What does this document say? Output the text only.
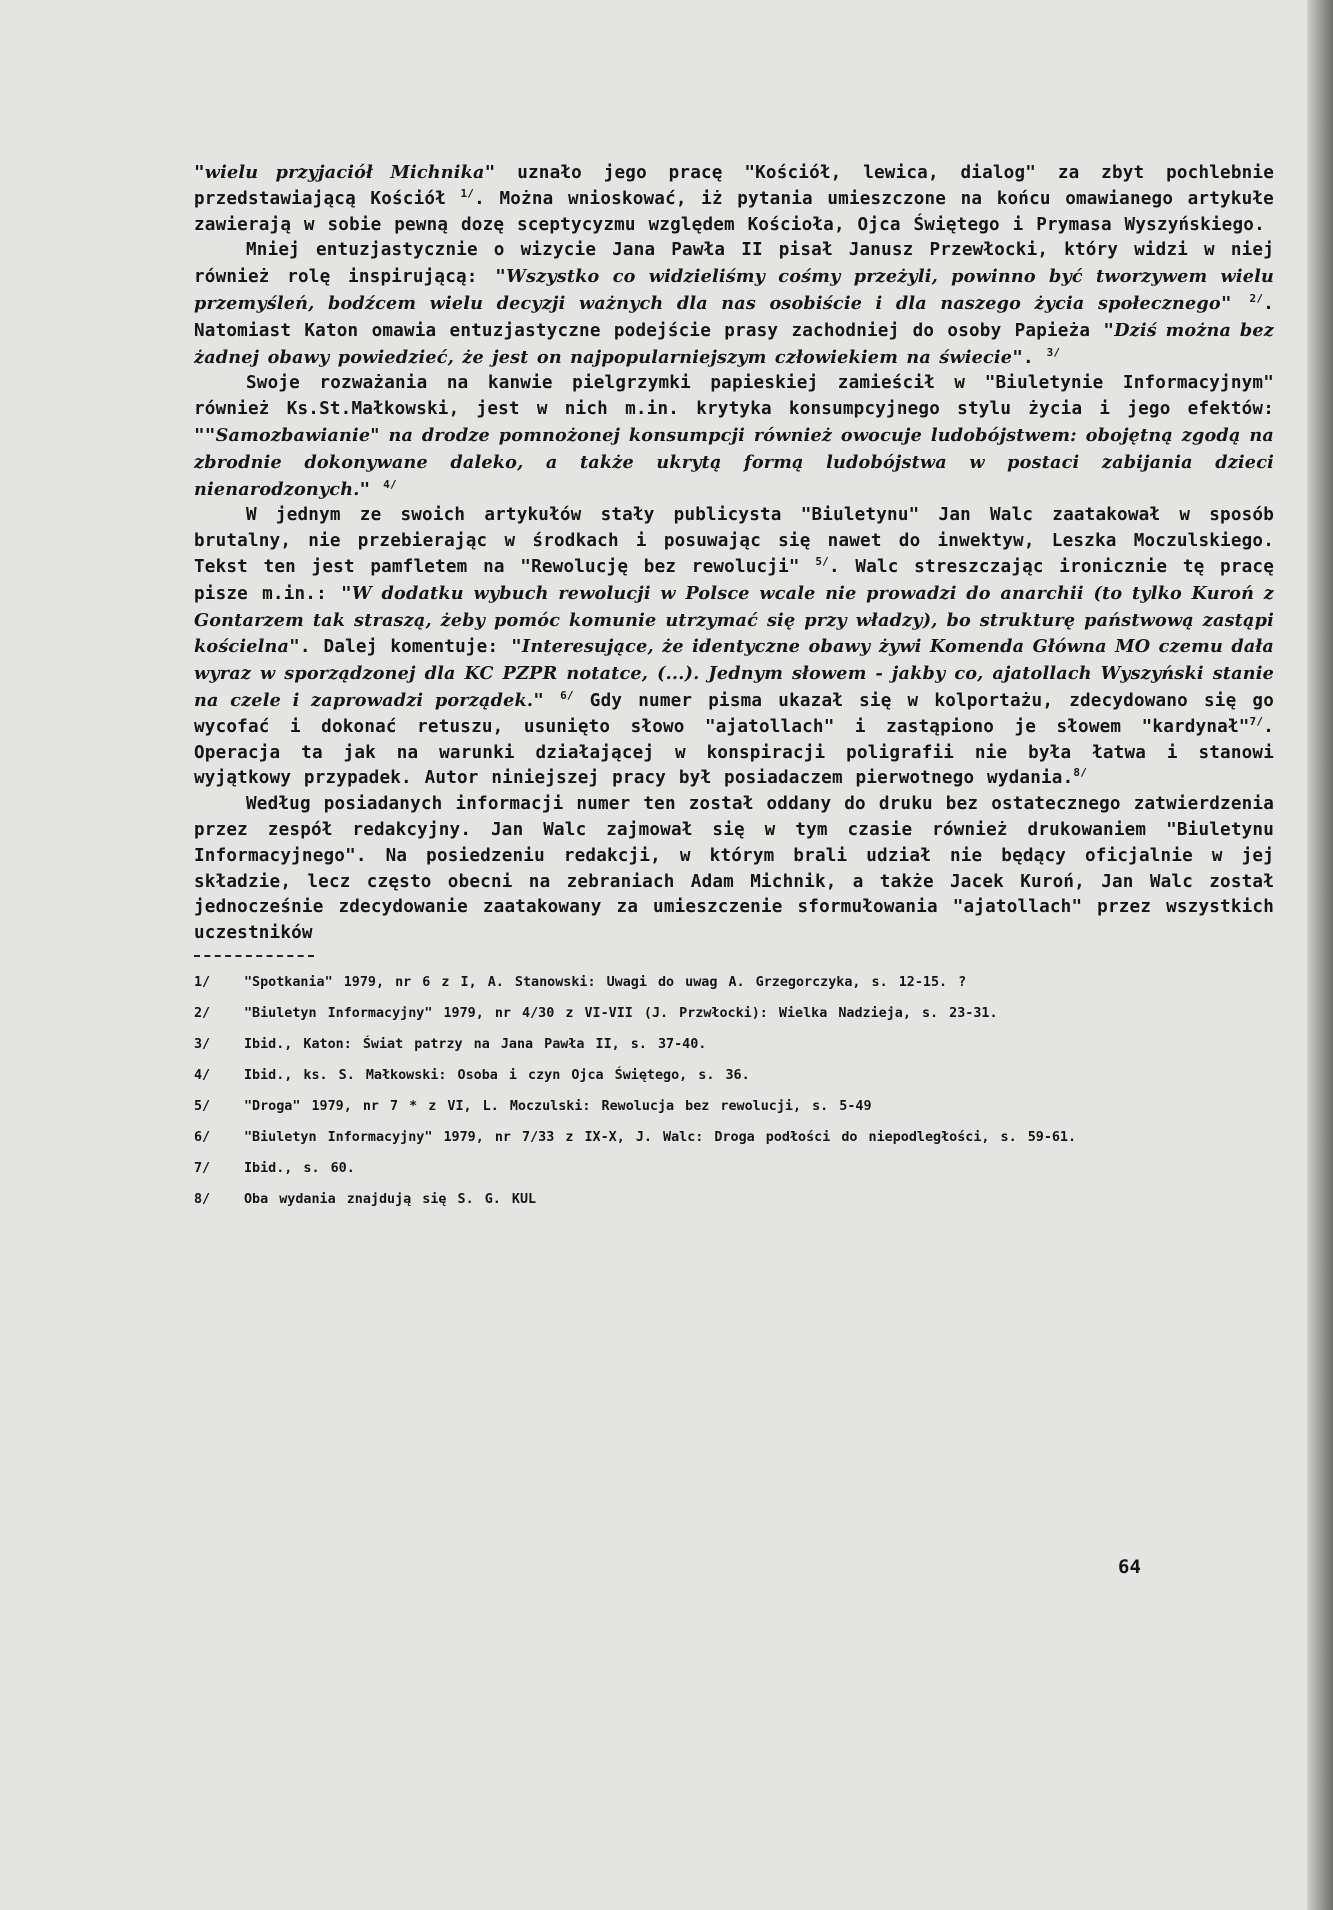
"wielu przyjaciół Michnika" uznało jego pracę "Kościół, lewica, dialog" za zbyt pochlebnie przedstawiającą Kościół $^{1/}$. Można wnioskować, iż pytania umieszczone na końcu omawianego artykułe zawierają w sobie pewną dozę sceptycyzmu względem Kościoła, Ojca Świętego i Prymasa Wyszyńskiego.

Mniej entuzjastycznie o wizycie Jana Pawła II pisał Janusz Przewłocki, który widzi w niej również rolę inspirującą: "Wszystko co widzieliśmy cośmy przeżyli, powinno być tworzywem wielu przemyśleń, bodźcem wielu decyzji ważnych dla nas osobiście i dla naszego życia społecznego" $^{2/}$. Natomiast Katon omawia entuzjastyczne podejście prasy zachodniej do osoby Papieża "Dziś można bez żadnej obawy powiedzieć, że jest on najpopularniejszym człowiekiem na świecie". $^{3/}$

Swoje rozważania na kanwie pielgrzymki papieskiej zamieścił w "Biuletynie Informacyjnym" również Ks.St.Małkowski, jest w nich m.in. krytyka konsumpcyjnego stylu życia i jego efektów: ""Samozbawianie" na drodze pomnożonej konsumpcji również owocuje ludobójstwem: obojętną zgodą na zbrodnie dokonywane daleko, a także ukrytą formą ludobójstwa w postaci zabijania dzieci nienarodzonych." $^{4/}$

W jednym ze swoich artykułów stały publicysta "Biuletynu" Jan Walc zaatakował w sposób brutalny, nie przebierając w środkach i posuwając się nawet do inwektyw, Leszka Moczulskiego. Tekst ten jest pamfletem na "Rewolucję bez rewolucji" $^{5/}$. Walc streszczając ironicznie tę pracę pisze m.in.: "W dodatku wybuch rewolucji w Polsce wcale nie prowadzi do anarchii (to tylko Kuroń z Gontarzem tak straszą, żeby pomóc komunie utrzymać się przy władzy), bo strukturę państwową zastąpi kościelna". Dalej komentuje: "Interesujące, że identyczne obawy żywi Komenda Główna MO czemu dała wyraz w sporządzonej dla KC PZPR notatce, (...). Jednym słowem - jakby co, ajatollach Wyszyński stanie na czele i zaprowadzi porządek." $^{6/}$ Gdy numer pisma ukazał się w kolportażu, zdecydowano się go wycofać i dokonać retuszu, usunięto słowo "ajatollach" i zastąpiono je słowem "kardynał"$^{7/}$. Operacja ta jak na warunki działającej w konspiracji poligrafii nie była łatwa i stanowi wyjątkowy przypadek. Autor niniejszej pracy był posiadaczem pierwotnego wydania.$^{8/}$

Według posiadanych informacji numer ten został oddany do druku bez ostatecznego zatwierdzenia przez zespół redakcyjny. Jan Walc zajmował się w tym czasie również drukowaniem "Biuletynu Informacyjnego". Na posiedzeniu redakcji, w którym brali udział nie będący oficjalnie w jej składzie, lecz często obecni na zebraniach Adam Michnik, a także Jacek Kuroń, Jan Walc został jednocześnie zdecydowanie zaatakowany za umieszczenie sformułowania "ajatollach" przez wszystkich uczestników

1/	"Spotkania" 1979, nr 6 z I, A. Stanowski: Uwagi do uwag A. Grzegorczyka, s. 12-15. ?
2/	"Biuletyn Informacyjny" 1979, nr 4/30 z VI-VII (J. Przwłocki): Wielka Nadzieja, s. 23-31.
3/	Ibid., Katon: Świat patrzy na Jana Pawła II, s. 37-40.
4/	Ibid., ks. S. Małkowski: Osoba i czyn Ojca Świętego, s. 36.
5/	"Droga" 1979, nr 7 * z VI, L. Moczulski: Rewolucja bez rewolucji, s. 5-49
6/	"Biuletyn Informacyjny" 1979, nr 7/33 z IX-X, J. Walc: Droga podłości do niepodległości, s. 59-61.
7/	Ibid., s. 60.
8/	Oba wydania znajdują się S. G. KUL
64
